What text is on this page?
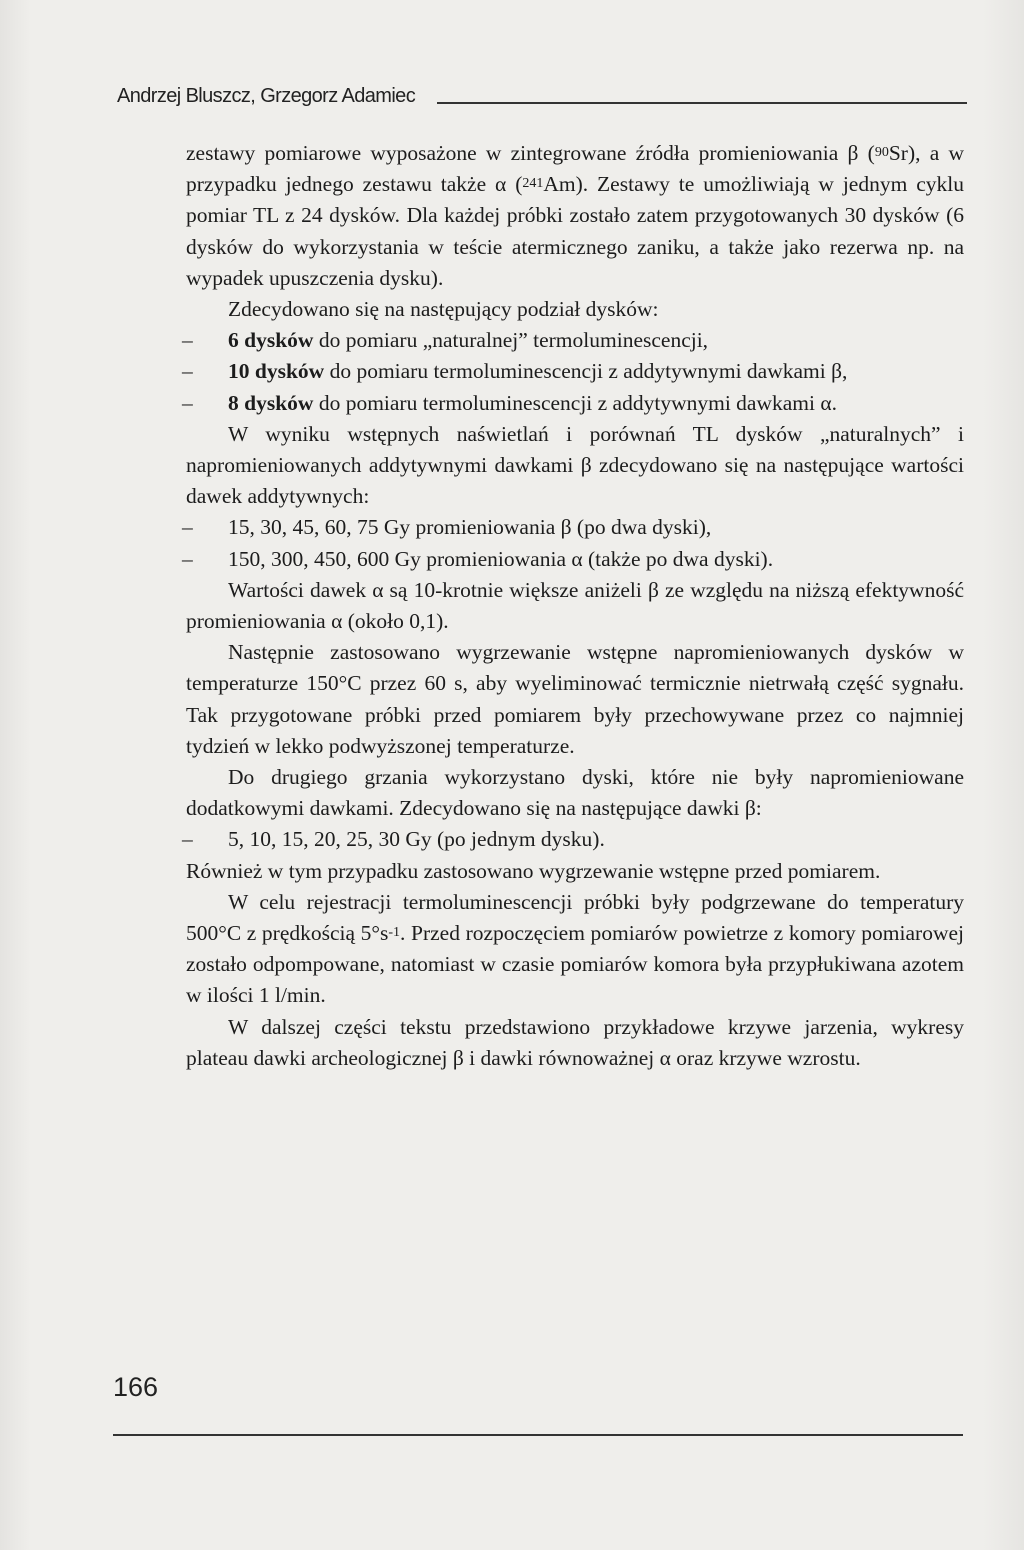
Andrzej Bluszcz, Grzegorz Adamiec

zestawy pomiarowe wyposażone w zintegrowane źródła promieniowania β ($^{90}$Sr), a w przypadku jednego zestawu także α ($^{241}$Am). Zestawy te umożliwiają w jednym cyklu pomiar TL z 24 dysków. Dla każdej próbki zostało zatem przygotowanych 30 dysków (6 dysków do wykorzystania w teście atermicznego zaniku, a także jako rezerwa np. na wypadek upuszczenia dysku).

Zdecydowano się na następujący podział dysków:

– 6 dysków do pomiaru „naturalnej” termoluminescencji,
– 10 dysków do pomiaru termoluminescencji z addytywnymi dawkami β,
– 8 dysków do pomiaru termoluminescencji z addytywnymi dawkami α.

W wyniku wstępnych naświetlań i porównań TL dysków „naturalnych” i napromieniowanych addytywnymi dawkami β zdecydowano się na następujące wartości dawek addytywnych:

– 15, 30, 45, 60, 75 Gy promieniowania β (po dwa dyski),
– 150, 300, 450, 600 Gy promieniowania α (także po dwa dyski).

Wartości dawek α są 10-krotnie większe aniżeli β ze względu na niższą efektywność promieniowania α (około 0,1).

Następnie zastosowano wygrzewanie wstępne napromieniowanych dysków w temperaturze 150°C przez 60 s, aby wyeliminować termicznie nietrwałą część sygnału. Tak przygotowane próbki przed pomiarem były przechowywane przez co najmniej tydzień w lekko podwyższonej temperaturze.

Do drugiego grzania wykorzystano dyski, które nie były napromieniowane dodatkowymi dawkami. Zdecydowano się na następujące dawki β:

– 5, 10, 15, 20, 25, 30 Gy (po jednym dysku).

Również w tym przypadku zastosowano wygrzewanie wstępne przed pomiarem.

W celu rejestracji termoluminescencji próbki były podgrzewane do temperatury 500°C z prędkością $5^\circ s^{-1}$. Przed rozpoczęciem pomiarów powietrze z komory pomiarowej zostało odpompowane, natomiast w czasie pomiarów komora była przypłukiwana azotem w ilości 1 l/min.

W dalszej części tekstu przedstawiono przykładowe krzywe jarzenia, wykresy plateau dawki archeologicznej β i dawki równoważnej α oraz krzywe wzrostu.

166
